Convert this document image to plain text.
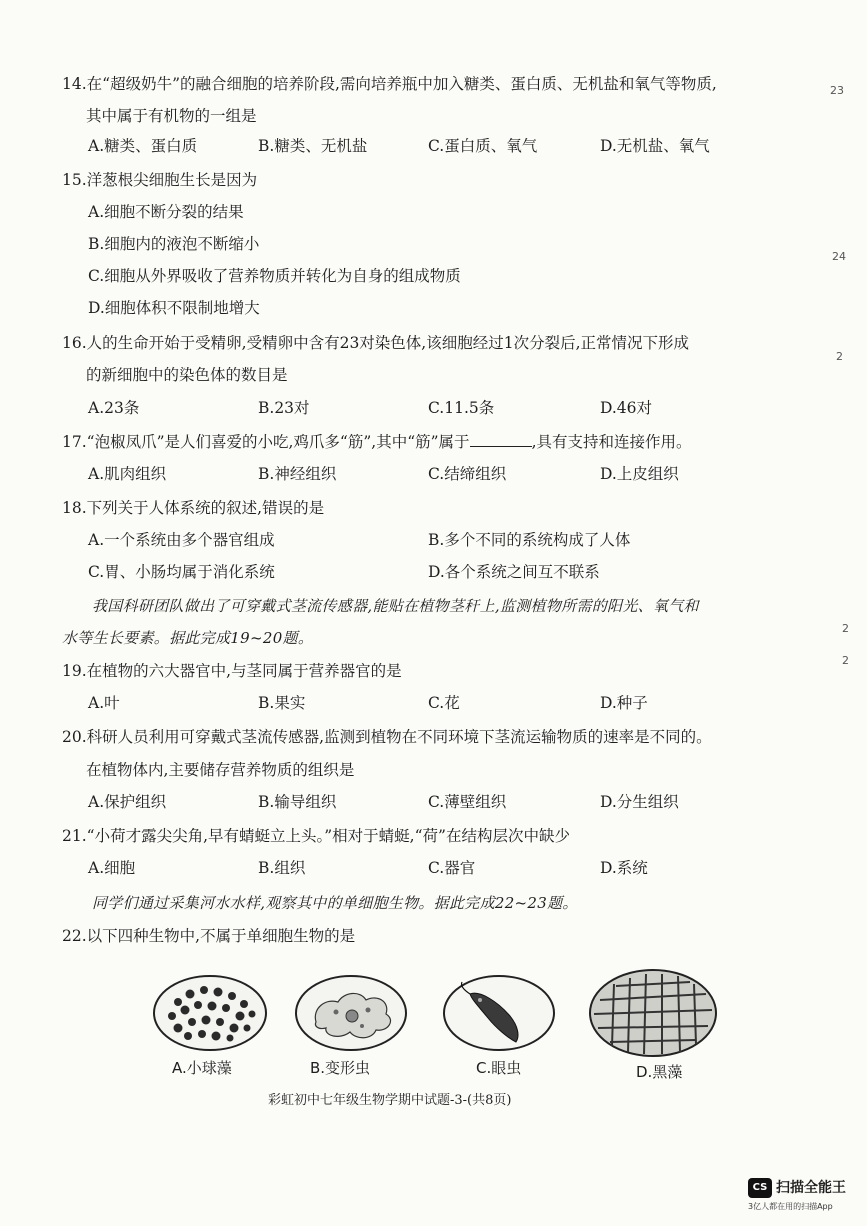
23
24
2
2
2
14.在“超级奶牛”的融合细胞的培养阶段,需向培养瓶中加入糖类、蛋白质、无机盐和氧气等物质,
其中属于有机物的一组是
A.糖类、蛋白质	B.糖类、无机盐	C.蛋白质、氧气	D.无机盐、氧气
15.洋葱根尖细胞生长是因为
A.细胞不断分裂的结果
B.细胞内的液泡不断缩小
C.细胞从外界吸收了营养物质并转化为自身的组成物质
D.细胞体积不限制地增大
16.人的生命开始于受精卵,受精卵中含有23对染色体,该细胞经过1次分裂后,正常情况下形成
的新细胞中的染色体的数目是
A.23条	B.23对	C.11.5条	D.46对
17.“泡椒凤爪”是人们喜爱的小吃,鸡爪多“筋”,其中“筋”属于	,具有支持和连接作用。
A.肌肉组织	B.神经组织	C.结缔组织	D.上皮组织
18.下列关于人体系统的叙述,错误的是
A.一个系统由多个器官组成	B.多个不同的系统构成了人体
C.胃、小肠均属于消化系统	D.各个系统之间互不联系
我国科研团队做出了可穿戴式茎流传感器,能贴在植物茎秆上,监测植物所需的阳光、氧气和
水等生长要素。据此完成19~20题。
19.在植物的六大器官中,与茎同属于营养器官的是
A.叶	B.果实	C.花	D.种子
20.科研人员利用可穿戴式茎流传感器,监测到植物在不同环境下茎流运输物质的速率是不同的。
在植物体内,主要储存营养物质的组织是
A.保护组织	B.输导组织	C.薄壁组织	D.分生组织
21.“小荷才露尖尖角,早有蜻蜓立上头。”相对于蜻蜓,“荷”在结构层次中缺少
A.细胞	B.组织	C.器官	D.系统
同学们通过采集河水水样,观察其中的单细胞生物。据此完成22~23题。
22.以下四种生物中,不属于单细胞生物的是
A.小球藻	B.变形虫	C.眼虫	D.黑藻
彩虹初中七年级生物学期中试题-3-(共8页)
CS 扫描全能王
3亿人都在用的扫描App
